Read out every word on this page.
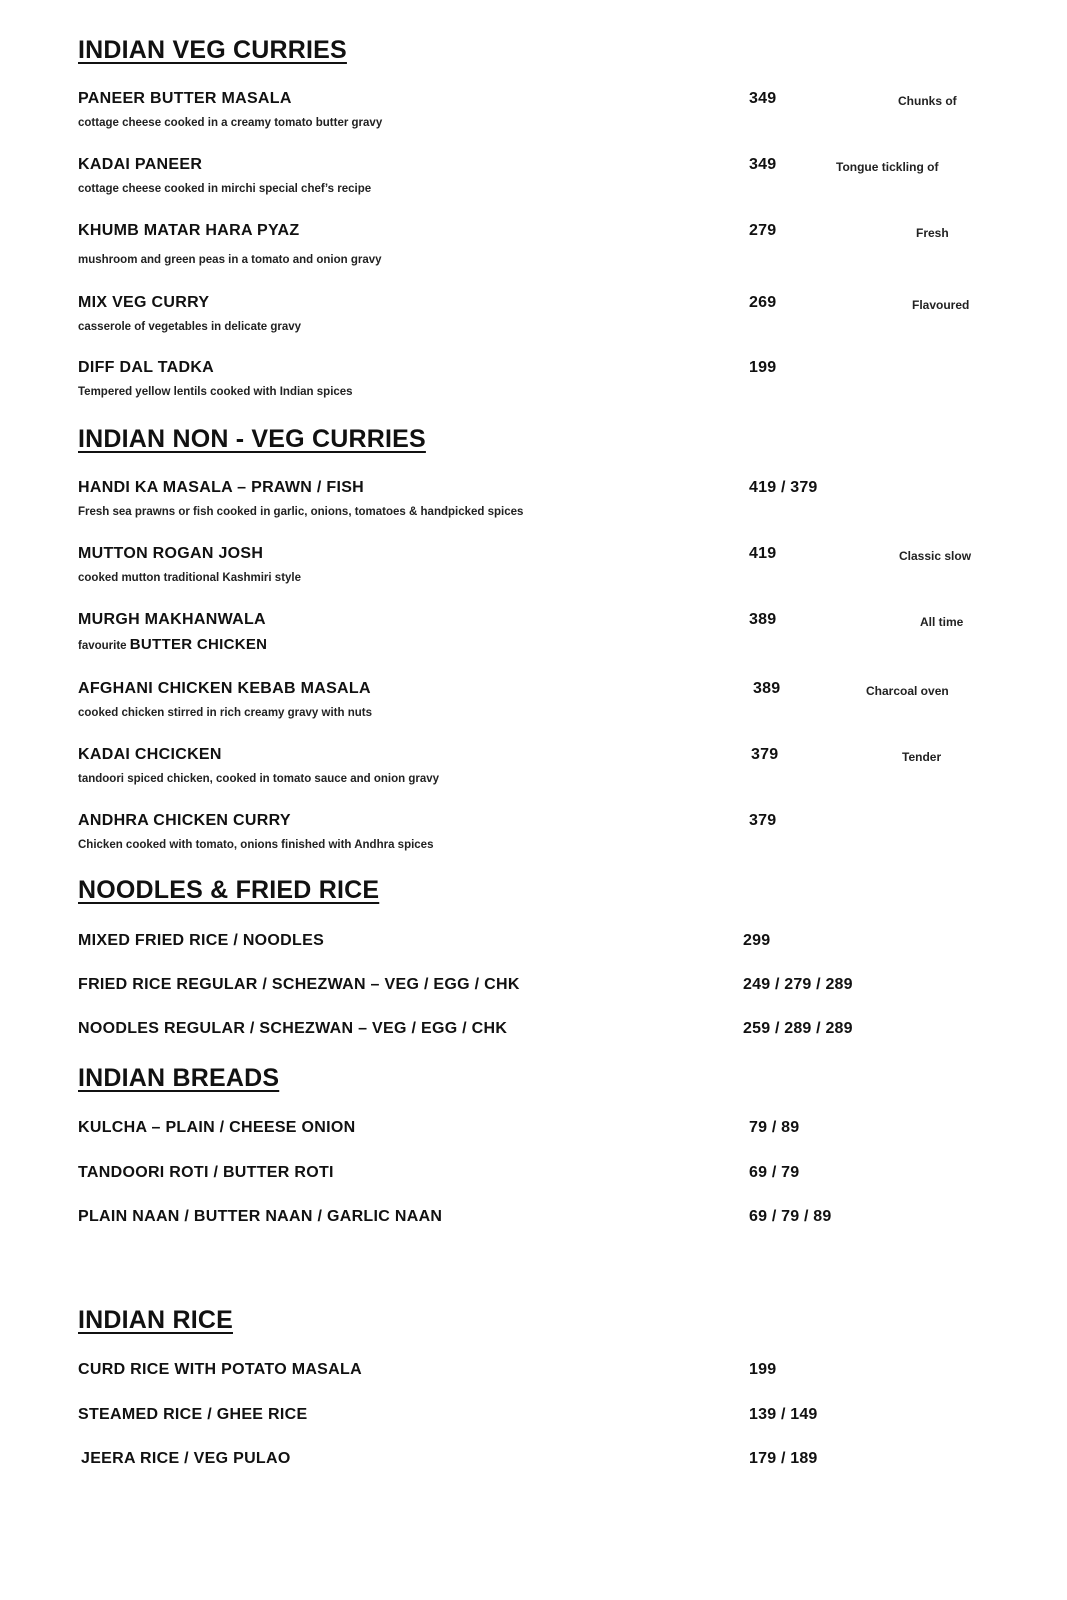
INDIAN VEG CURRIES
PANEER BUTTER MASALA
cottage cheese cooked in a creamy tomato butter gravy
349	Chunks of
KADAI PANEER
cottage cheese cooked in mirchi special chef’s recipe
349	Tongue tickling of
KHUMB MATAR HARA PYAZ
mushroom and green peas in a tomato and onion gravy
279	Fresh
MIX VEG CURRY
casserole of vegetables in delicate gravy
269	Flavoured
DIFF DAL TADKA
Tempered yellow lentils cooked with Indian spices
199
INDIAN NON - VEG CURRIES
HANDI KA MASALA – PRAWN / FISH
Fresh sea prawns or fish cooked in garlic, onions, tomatoes & handpicked spices
419 / 379
MUTTON ROGAN JOSH
cooked mutton traditional Kashmiri style
419	Classic slow
MURGH MAKHANWALA
favourite BUTTER CHICKEN
389	All time
AFGHANI CHICKEN KEBAB MASALA
cooked chicken stirred in rich creamy gravy with nuts
389	Charcoal oven
KADAI CHCICKEN
tandoori spiced chicken, cooked in tomato sauce and onion gravy
379	Tender
ANDHRA CHICKEN CURRY
Chicken cooked with tomato, onions finished with Andhra spices
379
NOODLES & FRIED RICE
MIXED FRIED RICE / NOODLES	299
FRIED RICE REGULAR / SCHEZWAN – VEG / EGG / CHK	249 / 279 / 289
NOODLES REGULAR / SCHEZWAN – VEG / EGG / CHK	259 / 289 / 289
INDIAN BREADS
KULCHA – PLAIN / CHEESE ONION	79 / 89
TANDOORI ROTI / BUTTER ROTI	69 / 79
PLAIN NAAN / BUTTER NAAN / GARLIC NAAN	69 / 79 / 89
INDIAN RICE
CURD RICE WITH POTATO MASALA	199
STEAMED RICE / GHEE RICE	139 / 149
JEERA RICE / VEG PULAO	179 / 189
